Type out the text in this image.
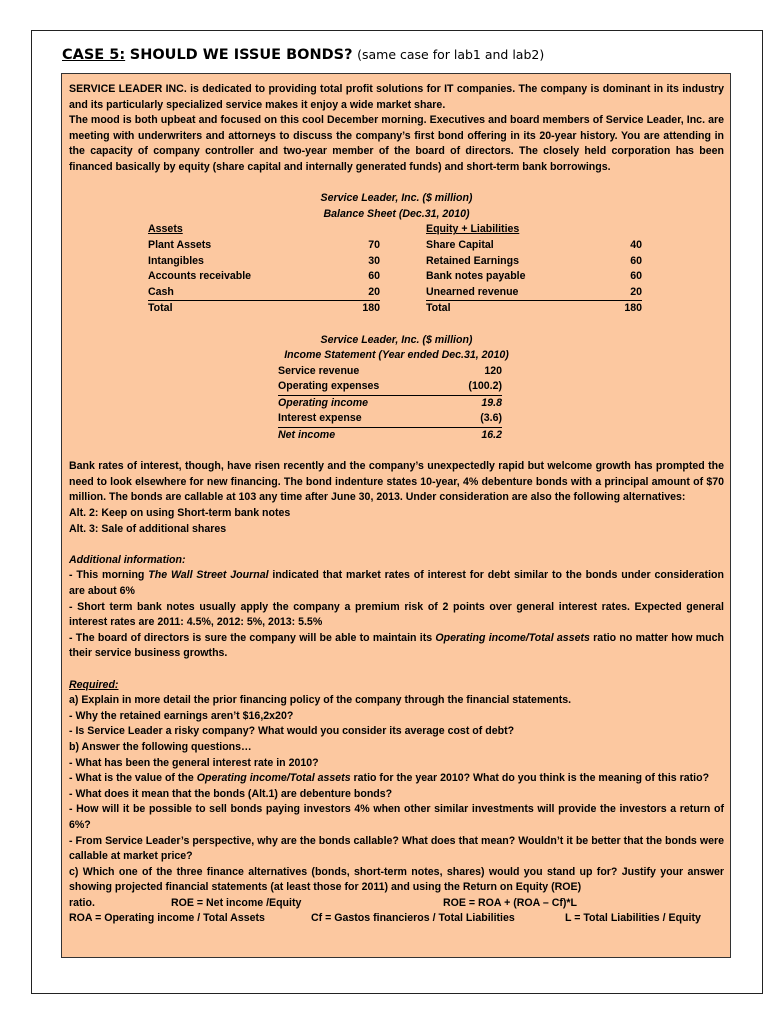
CASE 5: SHOULD WE ISSUE BONDS? (same case for lab1 and lab2)

SERVICE LEADER INC. is dedicated to providing total profit solutions for IT companies. The company is dominant in its industry and its particularly specialized service makes it enjoy a wide market share.

The mood is both upbeat and focused on this cool December morning. Executives and board members of Service Leader, Inc. are meeting with underwriters and attorneys to discuss the company’s first bond offering in its 20-year history. You are attending in the capacity of company controller and two-year member of the board of directors. The closely held corporation has been financed basically by equity (share capital and internally generated funds) and short-term bank borrowings.

Service Leader, Inc. ($ million)
Balance Sheet (Dec.31, 2010)
Assets			Equity + Liabilities	
Plant Assets	70		Share Capital	40
Intangibles	30		Retained Earnings	60
Accounts receivable	60		Bank notes payable	60
Cash	20		Unearned revenue	20
Total	180		Total	180
Service Leader, Inc. ($ million)
Income Statement (Year ended Dec.31, 2010)
Service revenue	120
Operating expenses	(100.2)
Operating income	19.8
Interest expense	(3.6)
Net income	16.2

Bank rates of interest, though, have risen recently and the company’s unexpectedly rapid but welcome growth has prompted the need to look elsewhere for new financing. The bond indenture states 10-year, 4% debenture bonds with a principal amount of $70 million. The bonds are callable at 103 any time after June 30, 2013. Under consideration are also the following alternatives:

Alt. 2: Keep on using Short-term bank notes
Alt. 3: Sale of additional shares
Additional information:

- This morning The Wall Street Journal indicated that market rates of interest for debt similar to the bonds under consideration are about 6%

- Short term bank notes usually apply the company a premium risk of 2 points over general interest rates. Expected general interest rates are 2011: 4.5%, 2012: 5%, 2013: 5.5%

- The board of directors is sure the company will be able to maintain its Operating income/Total assets ratio no matter how much their service business growths.

Required:

a) Explain in more detail the prior financing policy of the company through the financial statements.

- Why the retained earnings aren’t $16,2x20?

- Is Service Leader a risky company? What would you consider its average cost of debt?

b) Answer the following questions…

- What has been the general interest rate in 2010?

- What is the value of the Operating income/Total assets ratio for the year 2010? What do you think is the meaning of this ratio?

- What does it mean that the bonds (Alt.1) are debenture bonds?

- How will it be possible to sell bonds paying investors 4% when other similar investments will provide the investors a return of 6%?

- From Service Leader’s perspective, why are the bonds callable? What does that mean? Wouldn’t it be better that the bonds were callable at market price?

c) Which one of the three finance alternatives (bonds, short-term notes, shares) would you stand up for? Justify your answer showing projected financial statements (at least those for 2011) and using the Return on Equity (ROE)

ratio.	ROE = Net income /Equity	ROE = ROA + (ROA – Cf)*L
ROA = Operating income / Total Assets	Cf = Gastos financieros / Total Liabilities	L = Total Liabilities / Equity
